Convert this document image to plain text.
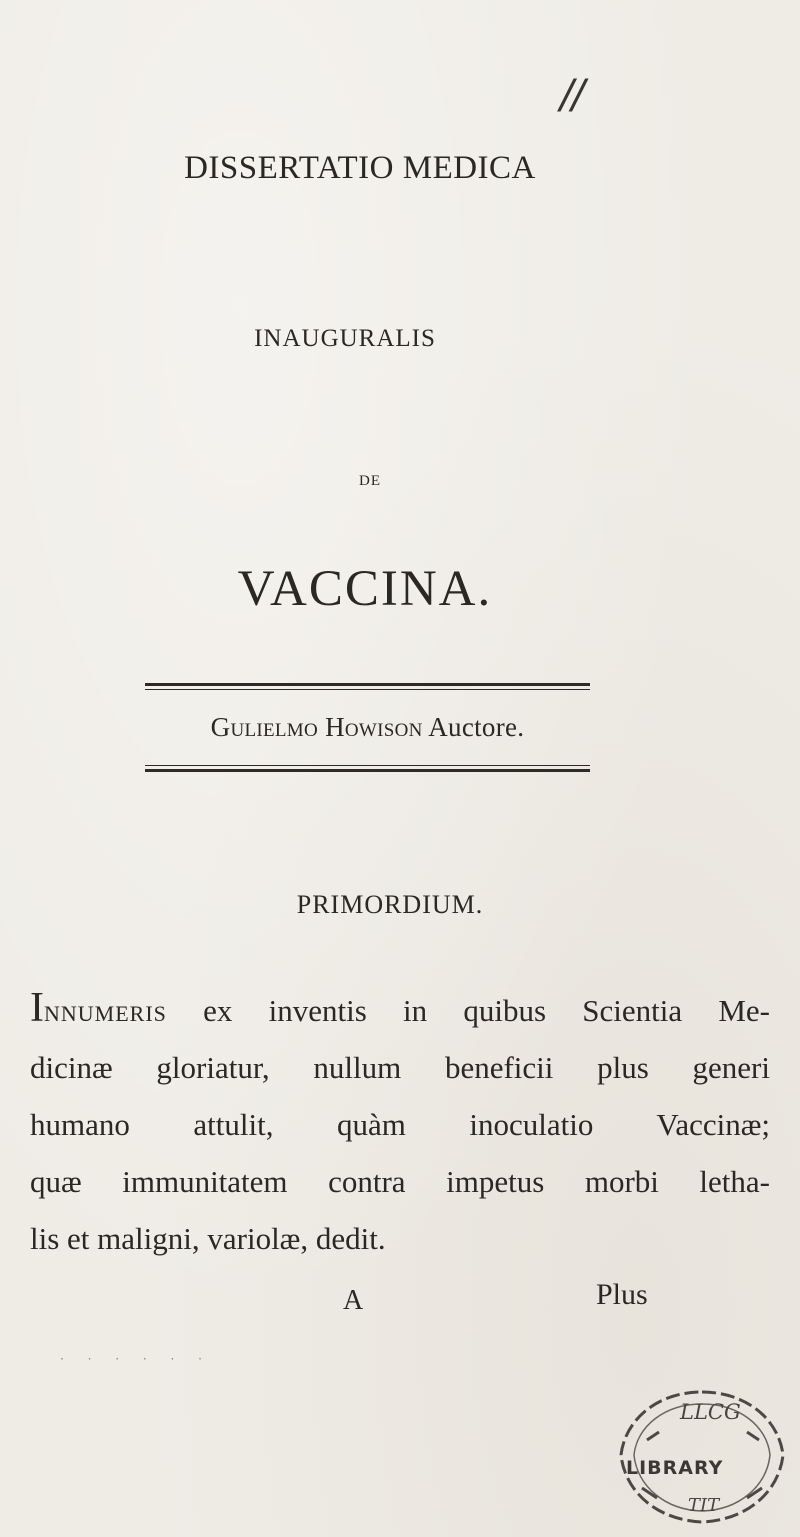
//
DISSERTATIO MEDICA
INAUGURALIS
DE
VACCINA.
Gulielmo Howison Auctore.
PRIMORDIUM.
Innumeris ex inventis in quibus Scientia Me-
dicinæ gloriatur, nullum beneficii plus generi
humano attulit, quàm inoculatio Vaccinæ;
quæ immunitatem contra impetus morbi letha-
lis et maligni, variolæ, dedit.
A	Plus
· · · · · ·
LLCG
LIBRARY
TIT
